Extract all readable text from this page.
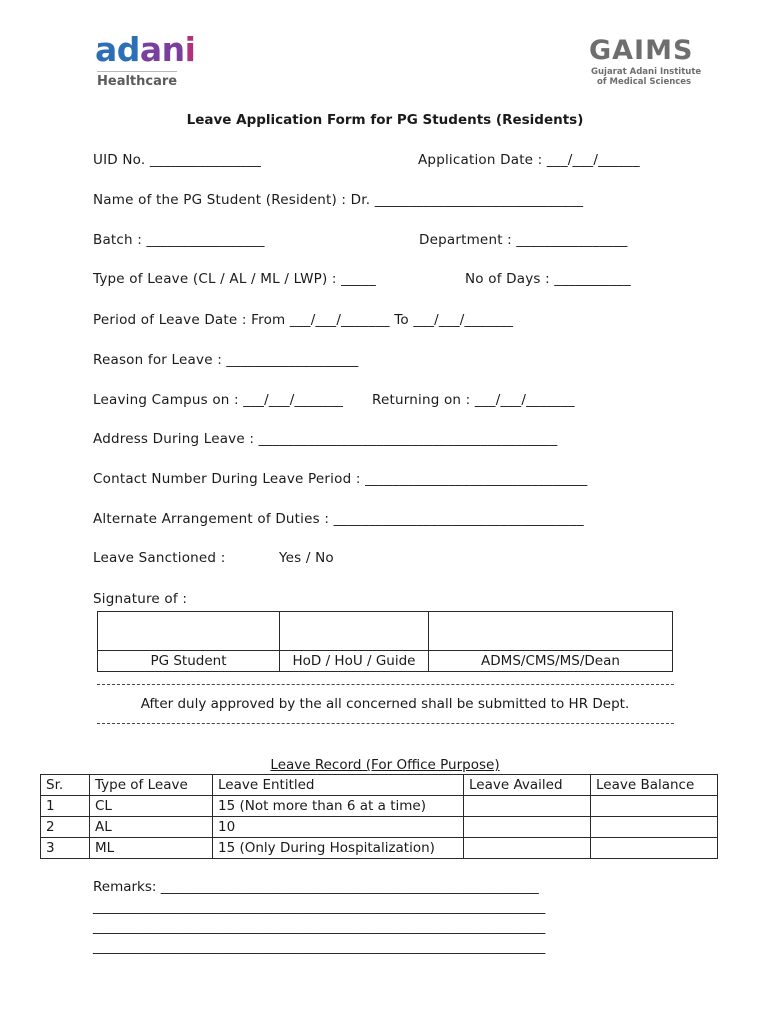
adani
Healthcare
GAIMS
Gujarat Adani Institute
of Medical Sciences
Leave Application Form for PG Students (Residents)
UID No. ________________	Application Date : ___/___/______
Name of the PG Student (Resident) : Dr. ______________________________
Batch : _________________	Department : ________________
Type of Leave (CL / AL / ML / LWP) : _____	No of Days : ___________
Period of Leave Date : From ___/___/_______ To ___/___/_______
Reason for Leave : ___________________
Leaving Campus on : ___/___/_______ Returning on : ___/___/_______
Address During Leave : ___________________________________________
Contact Number During Leave Period : ________________________________
Alternate Arrangement of Duties : ____________________________________
Leave Sanctioned :	Yes / No
Signature of :

PG Student	HoD / HoU / Guide	ADMS/CMS/MS/Dean
After duly approved by the all concerned shall be submitted to HR Dept.
Leave Record (For Office Purpose)
Sr.	Type of Leave	Leave Entitled	Leave Availed	Leave Balance
1	CL	15 (Not more than 6 at a time)		
2	AL	10		
3	ML	15 (Only During Hospitalization)		
Remarks: ________________________________________________________
___________________________________________________________________
___________________________________________________________________
___________________________________________________________________
